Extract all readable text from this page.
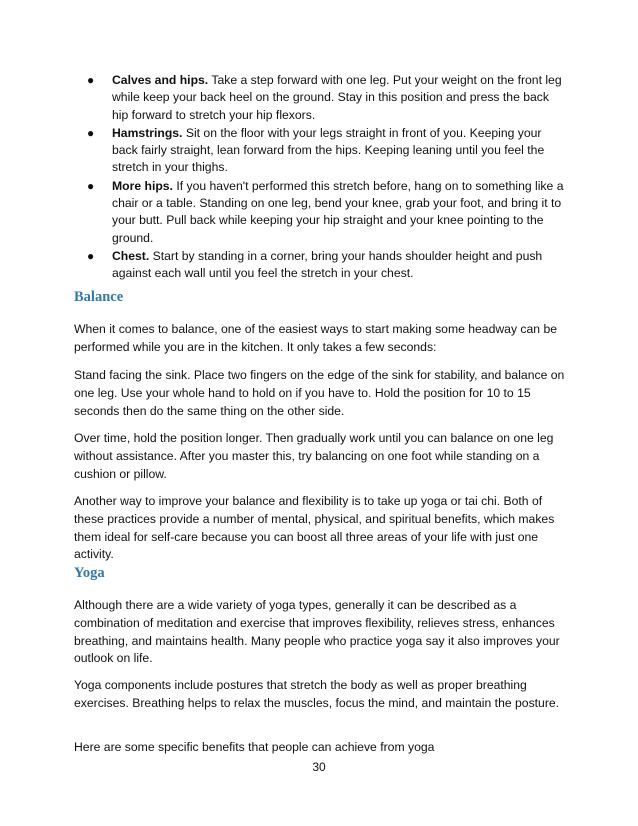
● Calves and hips. Take a step forward with one leg. Put your weight on the front leg while keep your back heel on the ground. Stay in this position and press the back hip forward to stretch your hip flexors.
● Hamstrings. Sit on the floor with your legs straight in front of you. Keeping your back fairly straight, lean forward from the hips. Keeping leaning until you feel the stretch in your thighs.
● More hips. If you haven't performed this stretch before, hang on to something like a chair or a table. Standing on one leg, bend your knee, grab your foot, and bring it to your butt. Pull back while keeping your hip straight and your knee pointing to the ground.
● Chest. Start by standing in a corner, bring your hands shoulder height and push against each wall until you feel the stretch in your chest.
Balance

When it comes to balance, one of the easiest ways to start making some headway can be performed while you are in the kitchen. It only takes a few seconds:

Stand facing the sink. Place two fingers on the edge of the sink for stability, and balance on one leg. Use your whole hand to hold on if you have to. Hold the position for 10 to 15 seconds then do the same thing on the other side.

Over time, hold the position longer. Then gradually work until you can balance on one leg without assistance. After you master this, try balancing on one foot while standing on a cushion or pillow.

Another way to improve your balance and flexibility is to take up yoga or tai chi. Both of these practices provide a number of mental, physical, and spiritual benefits, which makes them ideal for self-care because you can boost all three areas of your life with just one activity.

Yoga

Although there are a wide variety of yoga types, generally it can be described as a combination of meditation and exercise that improves flexibility, relieves stress, enhances breathing, and maintains health. Many people who practice yoga say it also improves your outlook on life.

Yoga components include postures that stretch the body as well as proper breathing exercises. Breathing helps to relax the muscles, focus the mind, and maintain the posture.

Here are some specific benefits that people can achieve from yoga

30
